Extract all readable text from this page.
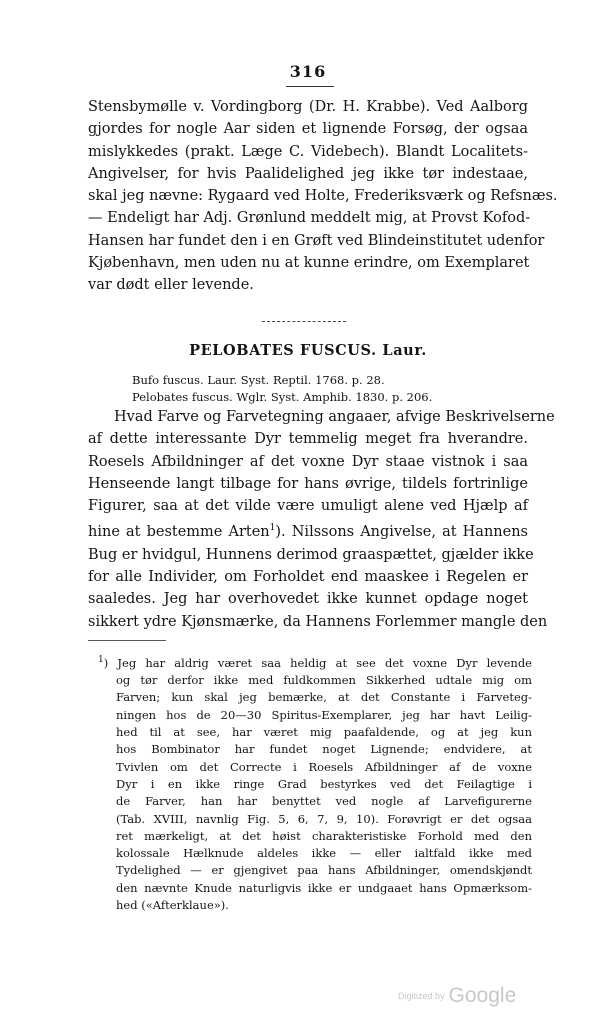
316
Stensbymølle v. Vordingborg (Dr. H. Krabbe). Ved Aalborg
gjordes for nogle Aar siden et lignende Forsøg, der ogsaa
mislykkedes (prakt. Læge C. Videbech). Blandt Localitets-
Angivelser, for hvis Paalidelighed jeg ikke tør indestaae,
skal jeg nævne: Rygaard ved Holte, Frederiksværk og Refsnæs.
— Endeligt har Adj. Grønlund meddelt mig, at Provst Kofod-
Hansen har fundet den i en Grøft ved Blindeinstitutet udenfor
Kjøbenhavn, men uden nu at kunne erindre, om Exemplaret
var dødt eller levende.
PELOBATES FUSCUS. Laur.
Bufo fuscus. Laur. Syst. Reptil. 1768. p. 28.
Pelobates fuscus. Wglr. Syst. Amphib. 1830. p. 206.
Hvad Farve og Farvetegning angaaer, afvige Beskrivelserne
af dette interessante Dyr temmelig meget fra hverandre.
Roesels Afbildninger af det voxne Dyr staae vistnok i saa
Henseende langt tilbage for hans øvrige, tildels fortrinlige
Figurer, saa at det vilde være umuligt alene ved Hjælp af
hine at bestemme Arten$^1$). Nilssons Angivelse, at Hannens
Bug er hvidgul, Hunnens derimod graaspættet, gjælder ikke
for alle Individer, om Forholdet end maaskee i Regelen er
saaledes. Jeg har overhovedet ikke kunnet opdage noget
sikkert ydre Kjønsmærke, da Hannens Forlemmer mangle den
$^1$) Jeg har aldrig været saa heldig at see det voxne Dyr levende
og tør derfor ikke med fuldkommen Sikkerhed udtale mig om
Farven; kun skal jeg bemærke, at det Constante i Farveteg-
ningen hos de 20—30 Spiritus-Exemplarer, jeg har havt Leilig-
hed til at see, har været mig paafaldende, og at jeg kun
hos Bombinator har fundet noget Lignende; endvidere, at
Tvivlen om det Correcte i Roesels Afbildninger af de voxne
Dyr i en ikke ringe Grad bestyrkes ved det Feilagtige i
de Farver, han har benyttet ved nogle af Larvefigurerne
(Tab. XVIII, navnlig Fig. 5, 6, 7, 9, 10). Forøvrigt er det ogsaa
ret mærkeligt, at det høist charakteristiske Forhold med den
kolossale Hælknude aldeles ikke — eller ialtfald ikke med
Tydelighed — er gjengivet paa hans Afbildninger, omendskjøndt
den nævnte Knude naturligvis ikke er undgaaet hans Opmærksom-
hed («Afterklaue»).
Digitized by Google
